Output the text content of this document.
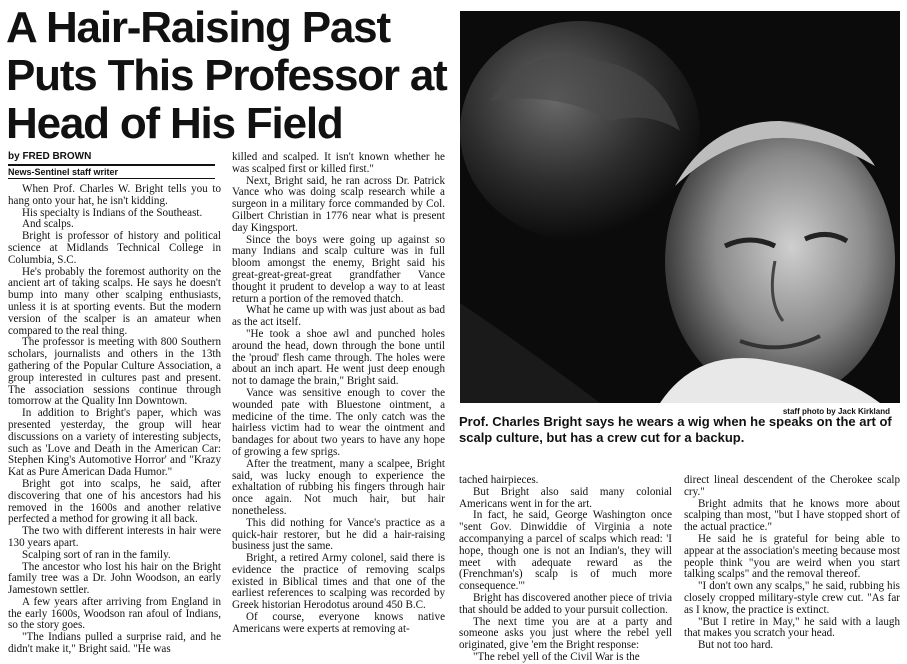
A Hair-Raising Past Puts This Professor at Head of His Field
by FRED BROWN
News-Sentinel staff writer

When Prof. Charles W. Bright tells you to hang onto your hat, he isn't kidding.

His specialty is Indians of the Southeast.

And scalps.

Bright is professor of history and political science at Midlands Technical College in Columbia, S.C.

He's probably the foremost authority on the ancient art of taking scalps. He says he doesn't bump into many other scalping enthusiasts, unless it is at sporting events. But the modern version of the scalper is an amateur when compared to the real thing.

The professor is meeting with 800 Southern scholars, journalists and others in the 13th gathering of the Popular Culture Association, a group interested in cultures past and present. The association sessions continue through tomorrow at the Quality Inn Downtown.

In addition to Bright's paper, which was presented yesterday, the group will hear discussions on a variety of interesting subjects, such as 'Love and Death in the American Car: Stephen King's Automotive Horror' and "Krazy Kat as Pure American Dada Humor."

Bright got into scalps, he said, after discovering that one of his ancestors had his removed in the 1600s and another relative perfected a method for growing it all back.

The two with different interests in hair were 130 years apart.

Scalping sort of ran in the family.

The ancestor who lost his hair on the Bright family tree was a Dr. John Woodson, an early Jamestown settler.

A few years after arriving from England in the early 1600s, Woodson ran afoul of Indians, so the story goes.

"The Indians pulled a surprise raid, and he didn't make it," Bright said. "He was

killed and scalped. It isn't known whether he was scalped first or killed first."

Next, Bright said, he ran across Dr. Patrick Vance who was doing scalp research while a surgeon in a military force commanded by Col. Gilbert Christian in 1776 near what is present day Kingsport.

Since the boys were going up against so many Indians and scalp culture was in full bloom amongst the enemy, Bright said his great-great-great-great grandfather Vance thought it prudent to develop a way to at least return a portion of the removed thatch.

What he came up with was just about as bad as the act itself.

"He took a shoe awl and punched holes around the head, down through the bone until the 'proud' flesh came through. The holes were about an inch apart. He went just deep enough not to damage the brain," Bright said.

Vance was sensitive enough to cover the wounded pate with Bluestone ointment, a medicine of the time. The only catch was the hairless victim had to wear the ointment and bandages for about two years to have any hope of growing a few sprigs.

After the treatment, many a scalpee, Bright said, was lucky enough to experience the exhaltation of rubbing his fingers through hair once again. Not much hair, but hair nonetheless.

This did nothing for Vance's practice as a quick-hair restorer, but he did a hair-raising business just the same.

Bright, a retired Army colonel, said there is evidence the practice of removing scalps existed in Biblical times and that one of the earliest references to scalping was recorded by Greek historian Herodotus around 450 B.C.

Of course, everyone knows native Americans were experts at removing at-

staff photo by Jack Kirkland
Prof. Charles Bright says he wears a wig when he speaks on the art of scalp culture, but has a crew cut for a backup.

tached hairpieces.

But Bright also said many colonial Americans went in for the art.

In fact, he said, George Washington once "sent Gov. Dinwiddie of Virginia a note accompanying a parcel of scalps which read: 'I hope, though one is not an Indian's, they will meet with adequate reward as the (Frenchman's) scalp is of much more consequence.'"

Bright has discovered another piece of trivia that should be added to your pursuit collection.

The next time you are at a party and someone asks you just where the rebel yell originated, give 'em the Bright response:

"The rebel yell of the Civil War is the

direct lineal descendent of the Cherokee scalp cry."

Bright admits that he knows more about scalping than most, "but I have stopped short of the actual practice."

He said he is grateful for being able to appear at the association's meeting because most people think "you are weird when you start talking scalps" and the removal thereof.

"I don't own any scalps," he said, rubbing his closely cropped military-style crew cut. "As far as I know, the practice is extinct.

"But I retire in May," he said with a laugh that makes you scratch your head.

But not too hard.
